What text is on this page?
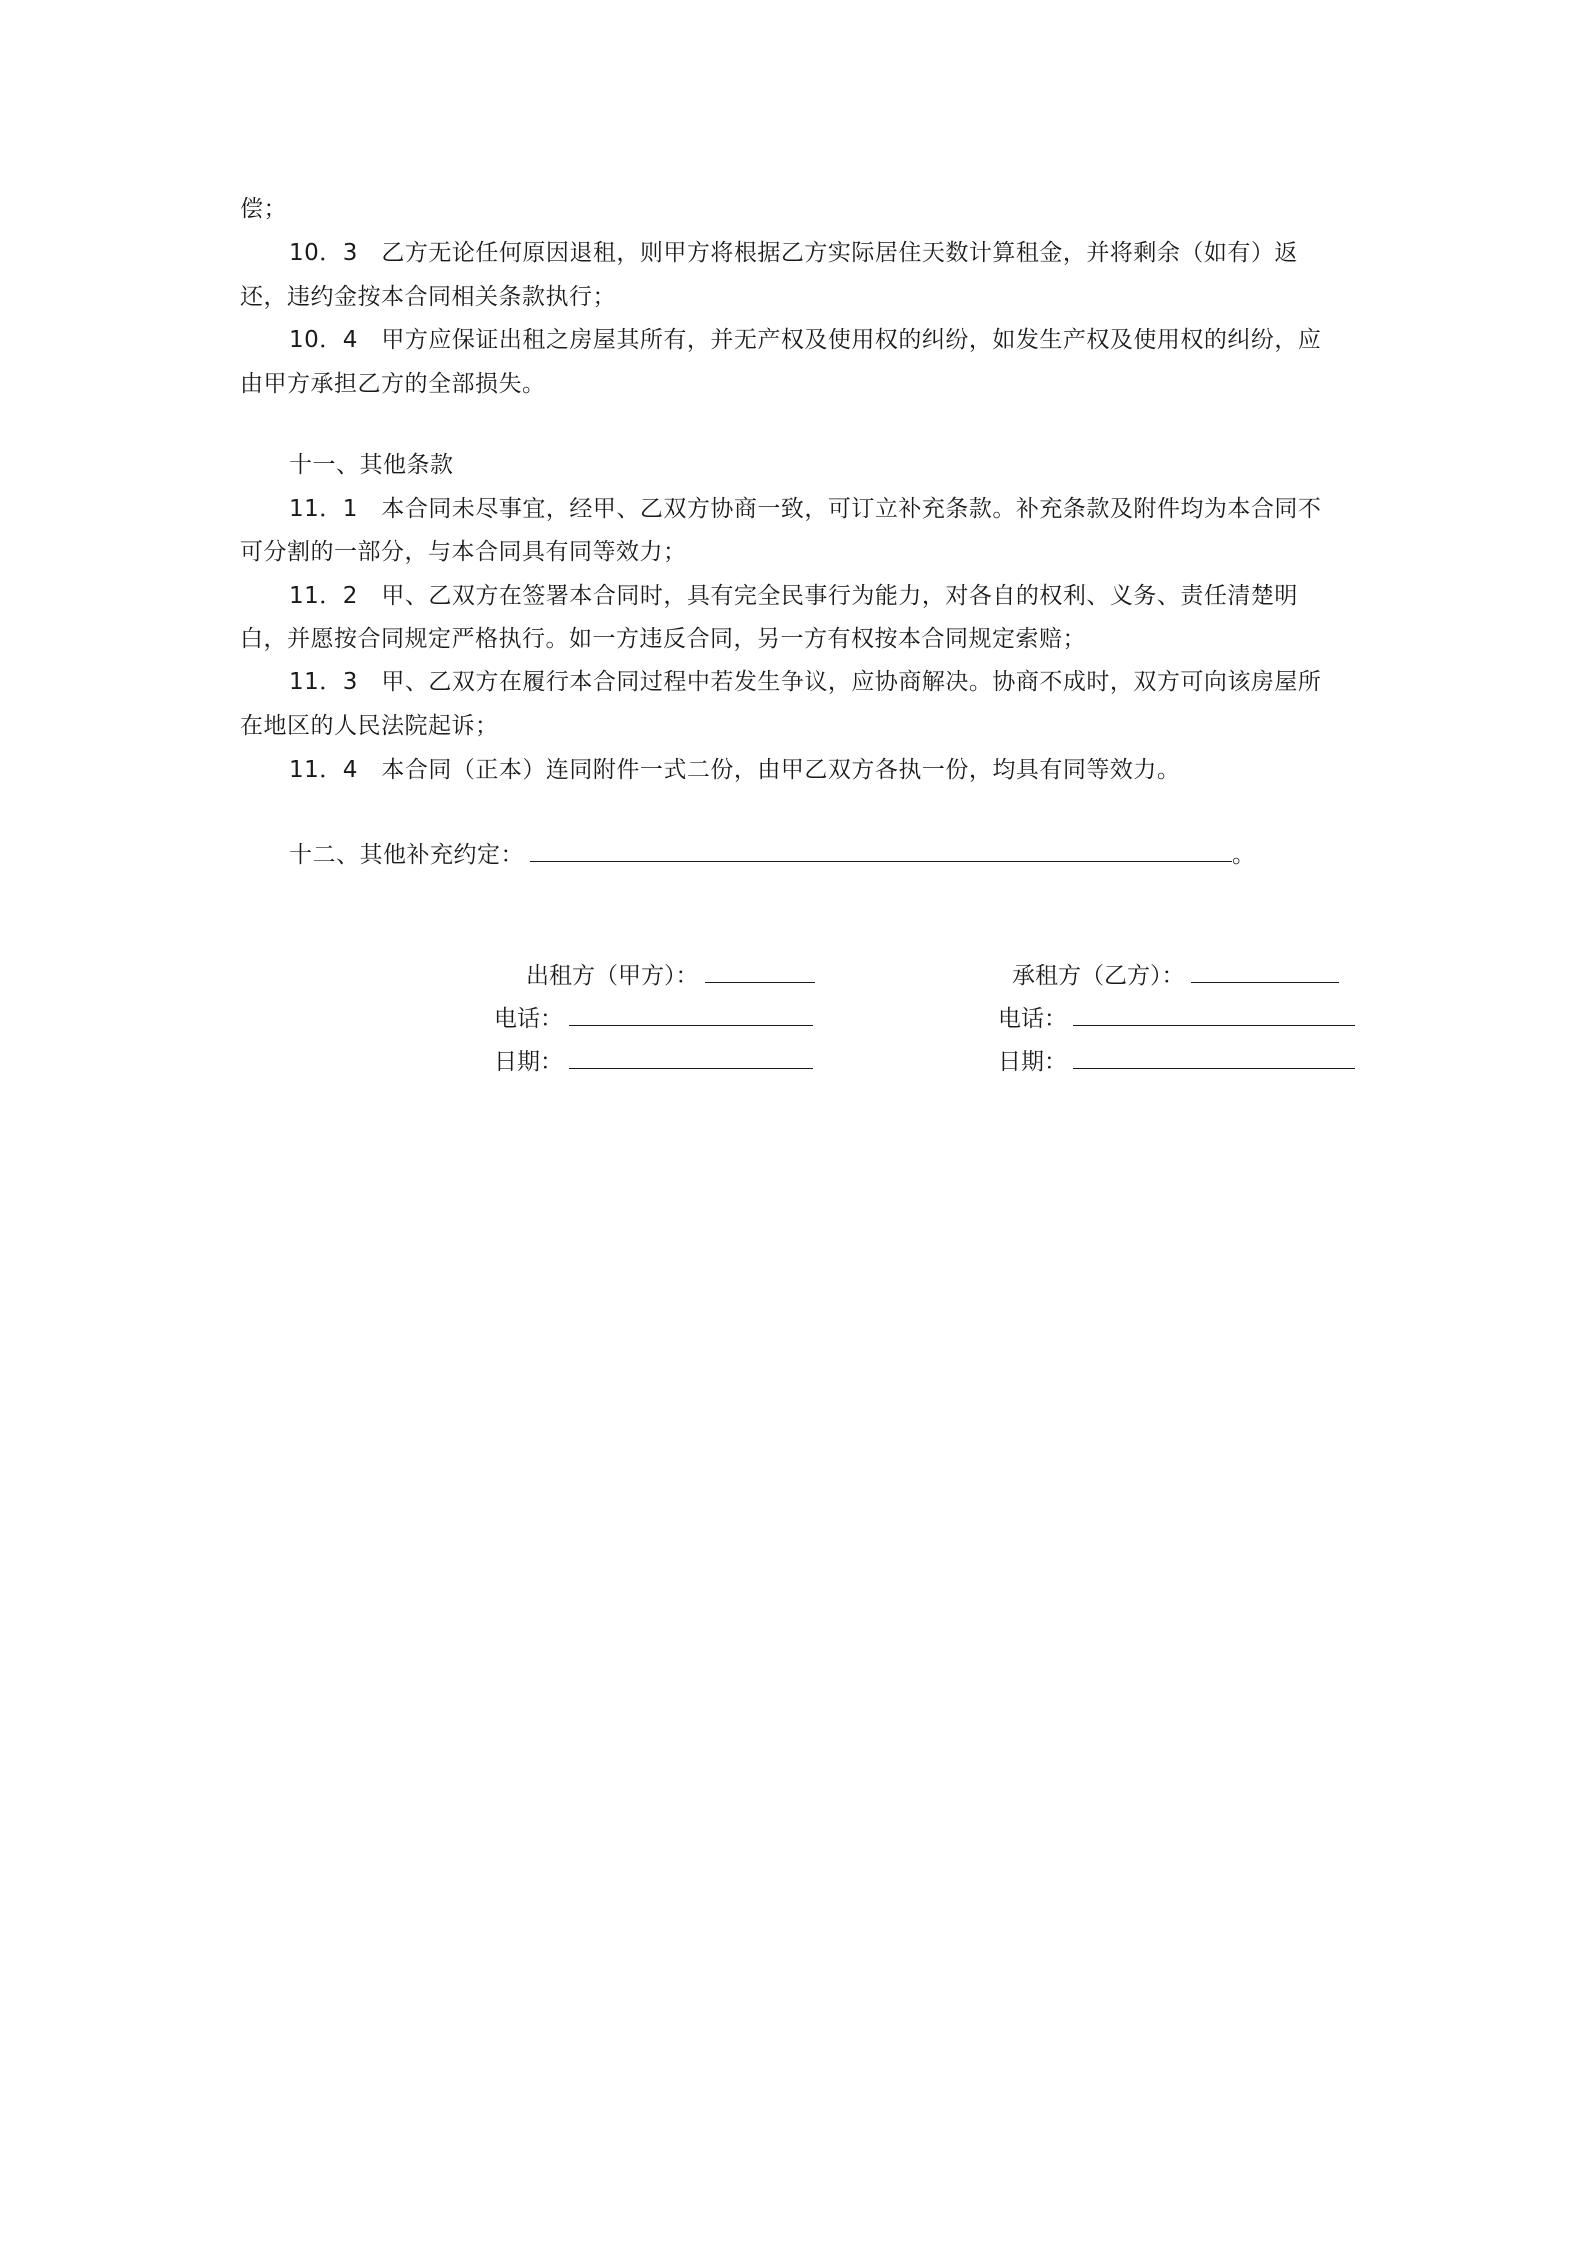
偿；
10．3　乙方无论任何原因退租，则甲方将根据乙方实际居住天数计算租金，并将剩余（如有）返
还，违约金按本合同相关条款执行；
10．4　甲方应保证出租之房屋其所有，并无产权及使用权的纠纷，如发生产权及使用权的纠纷，应
由甲方承担乙方的全部损失。
十一、其他条款
11．1　本合同未尽事宜，经甲、乙双方协商一致，可订立补充条款。补充条款及附件均为本合同不
可分割的一部分，与本合同具有同等效力；
11．2　甲、乙双方在签署本合同时，具有完全民事行为能力，对各自的权利、义务、责任清楚明
白，并愿按合同规定严格执行。如一方违反合同，另一方有权按本合同规定索赔；
11．3　甲、乙双方在履行本合同过程中若发生争议，应协商解决。协商不成时，双方可向该房屋所
在地区的人民法院起诉；
11．4　本合同（正本）连同附件一式二份，由甲乙双方各执一份，均具有同等效力。
十二、其他补充约定：	。
出租方（甲方）：	承租方（乙方）：
电话：	电话：
日期：	日期：
